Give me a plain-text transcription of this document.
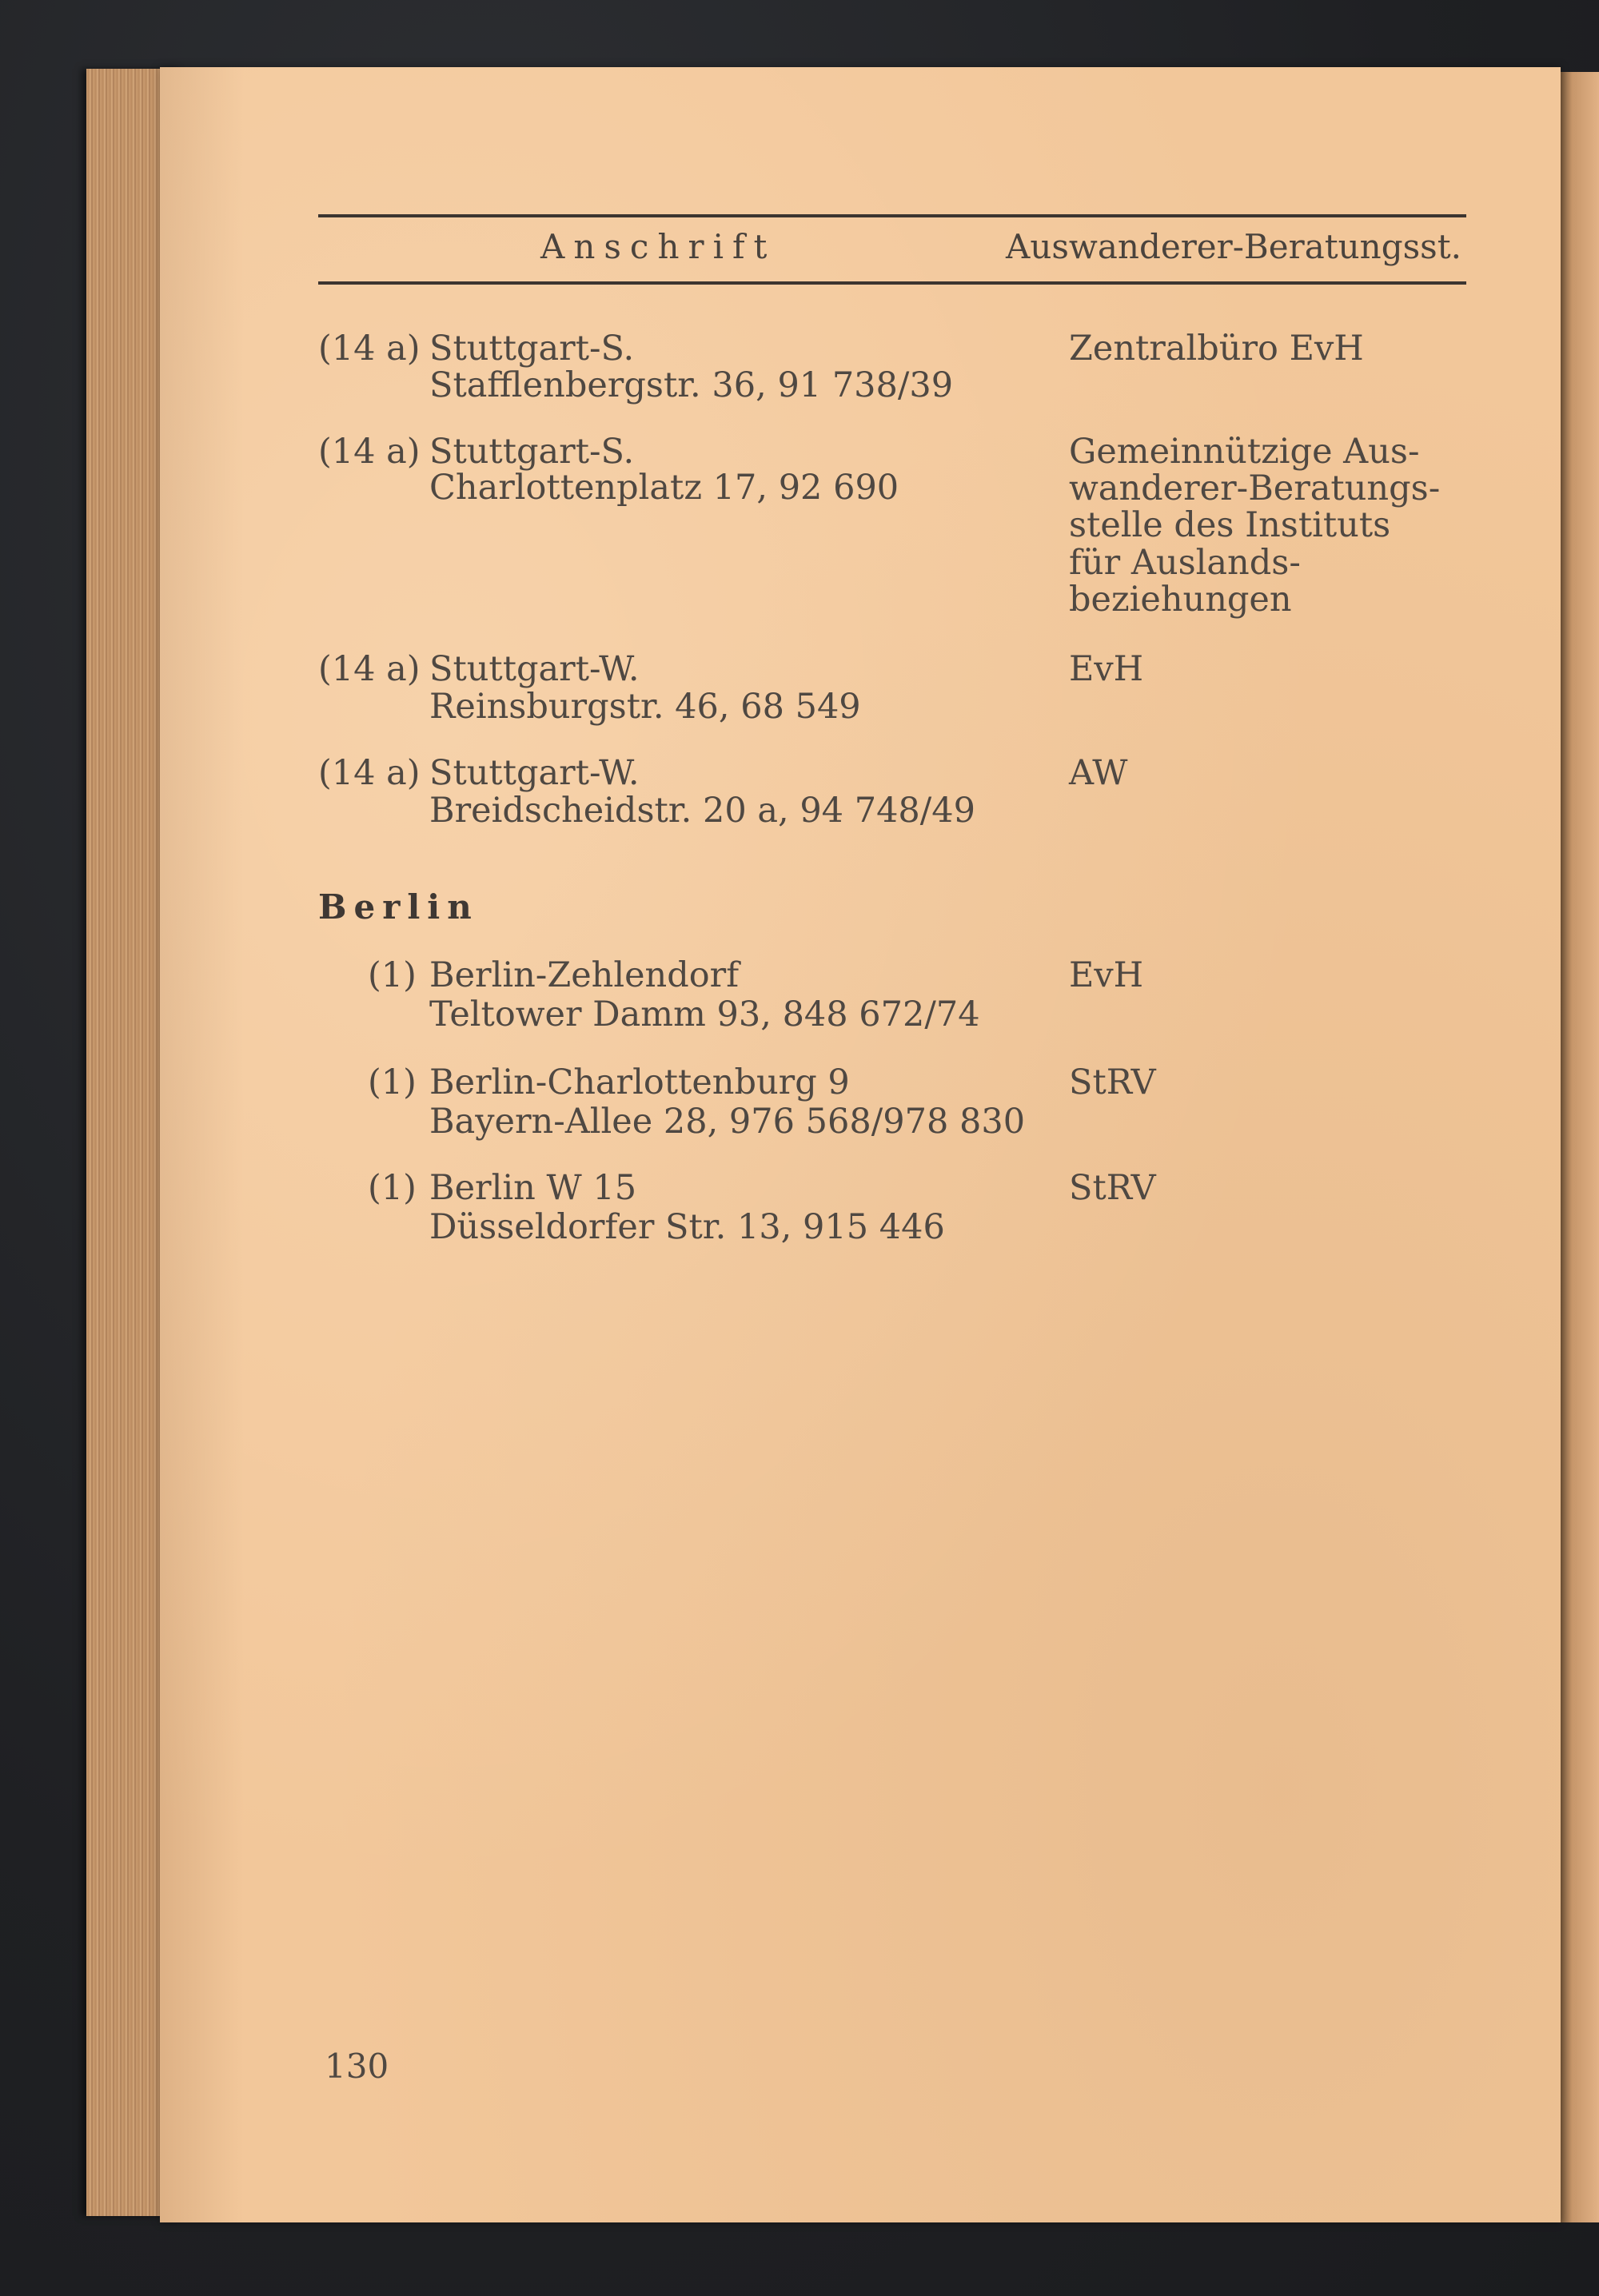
Anschrift	Auswanderer-Beratungsst.
(14 a) Stuttgart-S.
Stafflenbergstr. 36, 91 738/39
Zentralbüro EvH
(14 a) Stuttgart-S.
Charlottenplatz 17, 92 690
Gemeinnützige Aus-
wanderer-Beratungs-
stelle des Instituts
für Auslands-
beziehungen
(14 a) Stuttgart-W.
Reinsburgstr. 46, 68 549
EvH
(14 a) Stuttgart-W.
Breidscheidstr. 20 a, 94 748/49
AW
Berlin
(1) Berlin-Zehlendorf
Teltower Damm 93, 848 672/74
EvH
(1) Berlin-Charlottenburg 9
Bayern-Allee 28, 976 568/978 830
StRV
(1) Berlin W 15
Düsseldorfer Str. 13, 915 446
StRV
130
